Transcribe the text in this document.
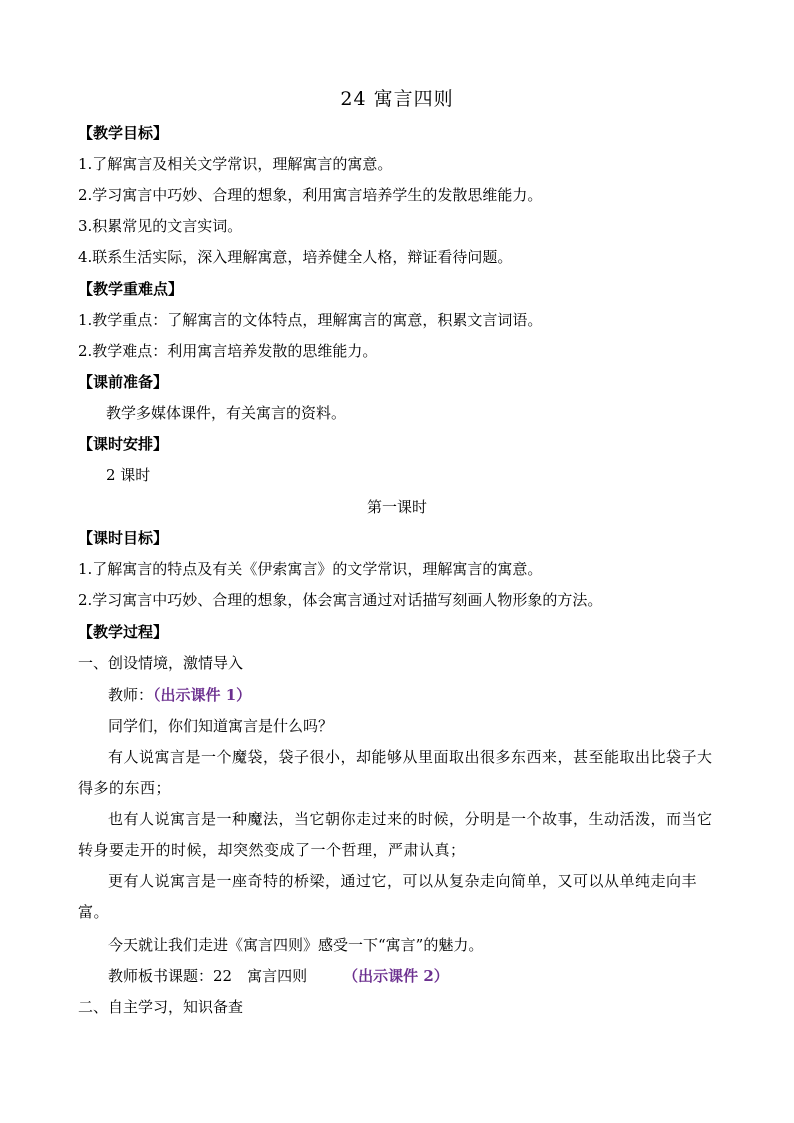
24 寓言四则
【教学目标】
1.了解寓言及相关文学常识，理解寓言的寓意。
2.学习寓言中巧妙、合理的想象，利用寓言培养学生的发散思维能力。
3.积累常见的文言实词。
4.联系生活实际，深入理解寓意，培养健全人格，辩证看待问题。
【教学重难点】
1.教学重点：了解寓言的文体特点，理解寓言的寓意，积累文言词语。
2.教学难点：利用寓言培养发散的思维能力。
【课前准备】
教学多媒体课件，有关寓言的资料。
【课时安排】
2 课时
第一课时
【课时目标】
1.了解寓言的特点及有关《伊索寓言》的文学常识，理解寓言的寓意。
2.学习寓言中巧妙、合理的想象，体会寓言通过对话描写刻画人物形象的方法。
【教学过程】
一、创设情境，激情导入
教师：（出示课件 1）
同学们，你们知道寓言是什么吗？
有人说寓言是一个魔袋，袋子很小，却能够从里面取出很多东西来，甚至能取出比袋子大得多的东西；
也有人说寓言是一种魔法，当它朝你走过来的时候，分明是一个故事，生动活泼，而当它转身要走开的时候，却突然变成了一个哲理，严肃认真；
更有人说寓言是一座奇特的桥梁，通过它，可以从复杂走向简单，又可以从单纯走向丰富。
今天就让我们走进《寓言四则》感受一下“寓言”的魅力。
教师板书课题：22　寓言四则 （出示课件 2）
二、自主学习，知识备查
